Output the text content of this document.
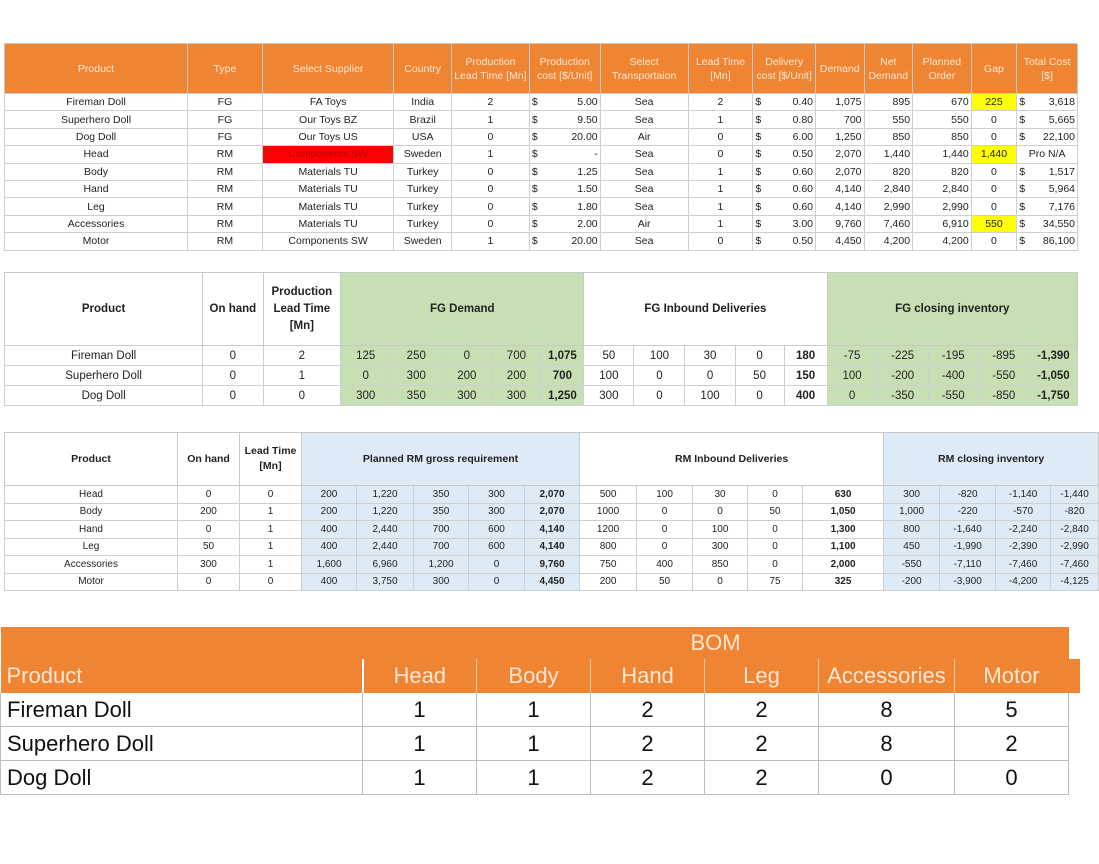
Product	Type	Select Supplier	Country	Production Lead Time [Mn]	Production cost [$/Unit]	Select Transportaion	Lead Time [Mn]	Delivery cost [$/Unit]	Demand	Net Demand	Planned Order	Gap	Total Cost [$]
Fireman Doll	FG	FA Toys	India	2	$ 5.00	Sea	2	$ 0.40	1,075	895	670	225	$ 3,618

Superhero Doll	FG	Our Toys BZ	Brazil	1	$ 9.50	Sea	1	$ 0.80	700	550	550	0	$ 5,665

Dog Doll	FG	Our Toys US	USA	0	$ 20.00	Air	0	$ 6.00	1,250	850	850	0	$ 22,100

Head	RM	Components SW	Sweden	1	$ -	Sea	0	$ 0.50	2,070	1,440	1,440	1,440	Pro N/A
Body	RM	Materials TU	Turkey	0	$ 1.25	Sea	1	$ 0.60	2,070	820	820	0	$ 1,517

Hand	RM	Materials TU	Turkey	0	$ 1.50	Sea	1	$ 0.60	4,140	2,840	2,840	0	$ 5,964

Leg	RM	Materials TU	Turkey	0	$ 1.80	Sea	1	$ 0.60	4,140	2,990	2,990	0	$ 7,176

Accessories	RM	Materials TU	Turkey	0	$ 2.00	Air	1	$ 3.00	9,760	7,460	6,910	550	$ 34,550

Motor	RM	Components SW	Sweden	1	$ 20.00	Sea	0	$ 0.50	4,450	4,200	4,200	0	$ 86,100
Product	On hand	Production Lead Time [Mn]	FG Demand					FG Inbound Deliveries					FG closing inventory				
Fireman Doll	0	2	125	250	0	700	1,075	50	100	30	0	180	-75	-225	-195	-895	-1,390
Superhero Doll	0	1	0	300	200	200	700	100	0	0	50	150	100	-200	-400	-550	-1,050
Dog Doll	0	0	300	350	300	300	1,250	300	0	100	0	400	0	-350	-550	-850	-1,750
Product	On hand	Lead Time [Mn]	Planned RM gross requirement					RM Inbound Deliveries					RM closing inventory			
Head	0	0	200	1,220	350	300	2,070	500	100	30	0	630	300	-820	-1,140	-1,440
Body	200	1	200	1,220	350	300	2,070	1000	0	0	50	1,050	1,000	-220	-570	-820
Hand	0	1	400	2,440	700	600	4,140	1200	0	100	0	1,300	800	-1,640	-2,240	-2,840
Leg	50	1	400	2,440	700	600	4,140	800	0	300	0	1,100	450	-1,990	-2,390	-2,990
Accessories	300	1	1,600	6,960	1,200	0	9,760	750	400	850	0	2,000	-550	-7,110	-7,460	-7,460
Motor	0	0	400	3,750	300	0	4,450	200	50	0	75	325	-200	-3,900	-4,200	-4,125
	BOM					
Product	Head	Body	Hand	Leg	Accessories	Motor
Fireman Doll	1	1	2	2	8	5
Superhero Doll	1	1	2	2	8	2
Dog Doll	1	1	2	2	0	0
